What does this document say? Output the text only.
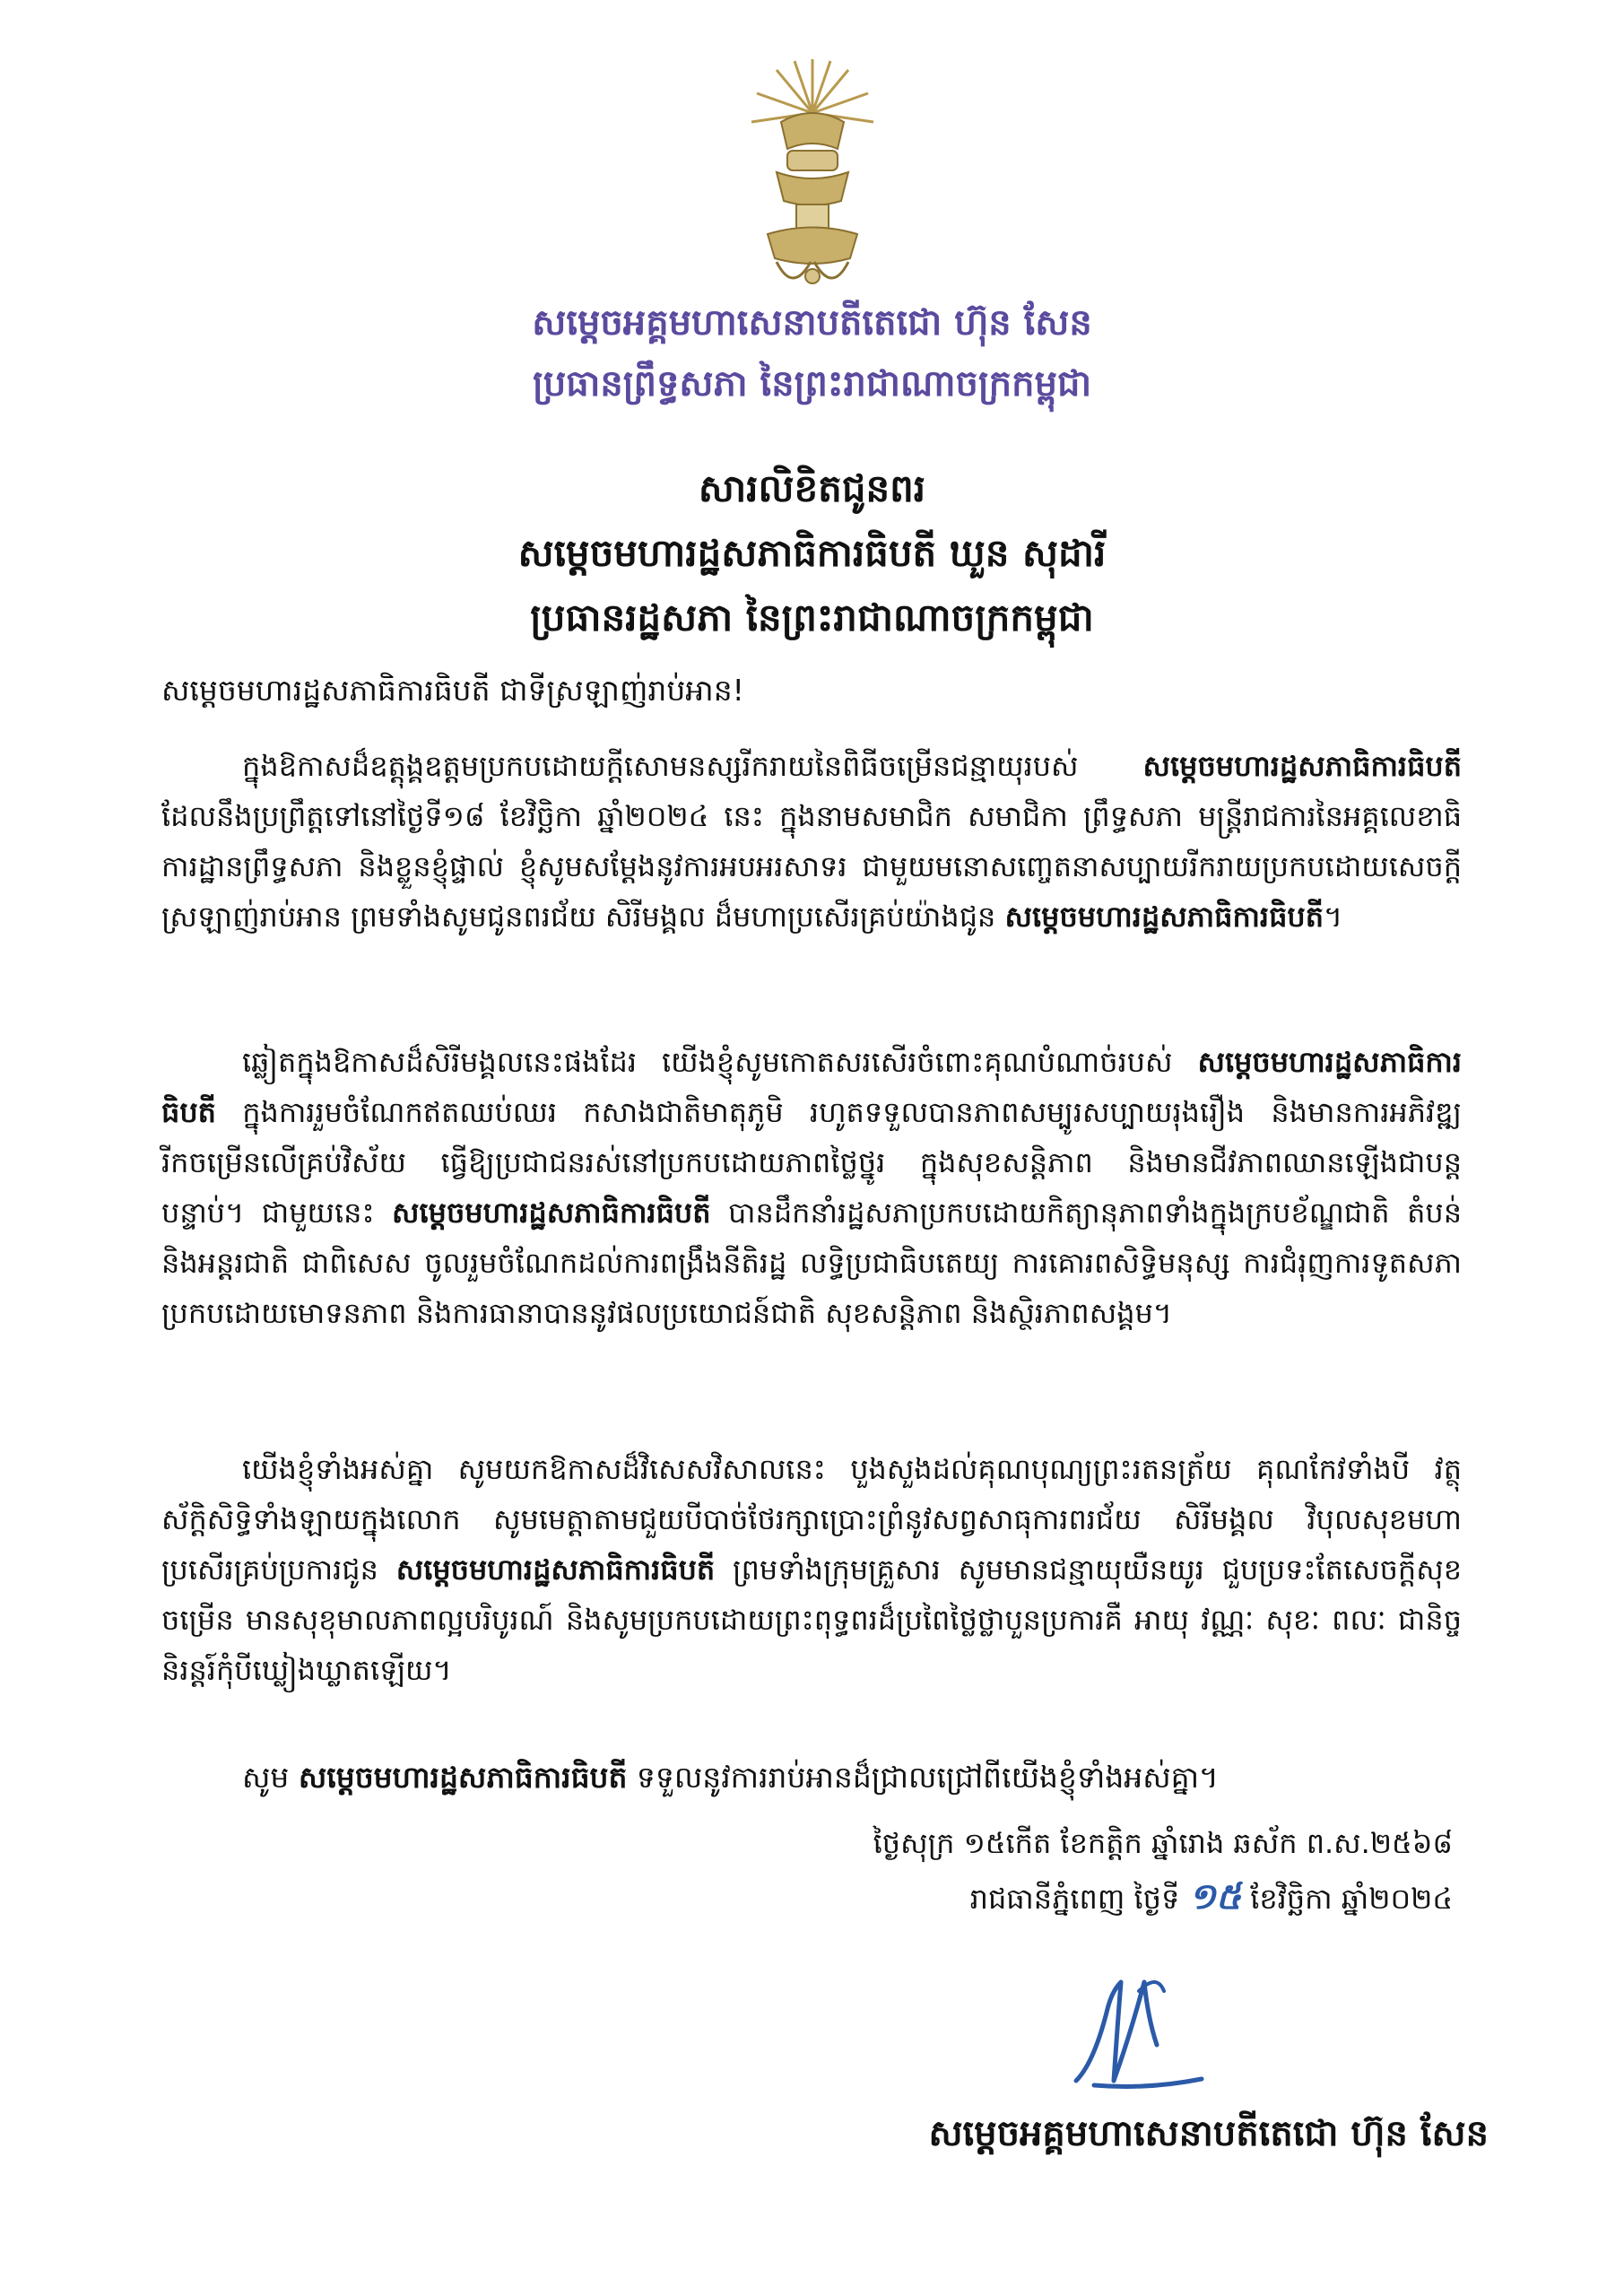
សម្ដេចអគ្គមហាសេនាបតីតេជោ ហ៊ុន សែន
ប្រធានព្រឹទ្ធសភា នៃព្រះរាជាណាចក្រកម្ពុជា
សារលិខិតជូនពរ
សម្ដេចមហារដ្ឋសភាធិការធិបតី ឃួន សុដារី
ប្រធានរដ្ឋសភា នៃព្រះរាជាណាចក្រកម្ពុជា
សម្ដេចមហារដ្ឋសភាធិការធិបតី ជាទីស្រឡាញ់រាប់អាន!

ក្នុងឱកាសដ៏ឧត្ដុង្គឧត្ដមប្រកបដោយក្ដីសោមនស្សរីករាយនៃពិធីចម្រើនជន្មាយុរបស់ សម្ដេចមហារដ្ឋសភាធិការធិបតី ដែលនឹងប្រព្រឹត្តទៅនៅថ្ងៃទី១៨ ខែវិច្ឆិកា ឆ្នាំ២០២៤ នេះ ក្នុងនាមសមាជិក សមាជិកា ព្រឹទ្ធសភា មន្ត្រីរាជការនៃអគ្គលេខាធិការដ្ឋានព្រឹទ្ធសភា និងខ្លួនខ្ញុំផ្ទាល់ ខ្ញុំសូមសម្ដែងនូវការអបអរសាទរ ជាមួយមនោសញ្ចេតនាសប្បាយរីករាយប្រកបដោយសេចក្ដីស្រឡាញ់រាប់អាន ព្រមទាំងសូមជូនពរជ័យ សិរីមង្គល ដ៏មហាប្រសើរគ្រប់យ៉ាងជូន សម្ដេចមហារដ្ឋសភាធិការធិបតី។

ឆ្លៀតក្នុងឱកាសដ៏សិរីមង្គលនេះផងដែរ យើងខ្ញុំសូមកោតសរសើរចំពោះគុណបំណាច់របស់ សម្ដេចមហារដ្ឋសភាធិការធិបតី ក្នុងការរួមចំណែកឥតឈប់ឈរ កសាងជាតិមាតុភូមិ រហូតទទួលបានភាពសម្បូរសប្បាយរុងរឿង និងមានការអភិវឌ្ឍរីកចម្រើនលើគ្រប់វិស័យ ធ្វើឱ្យប្រជាជនរស់នៅប្រកបដោយភាពថ្លៃថ្នូរ ក្នុងសុខសន្តិភាព និងមានជីវភាពឈានឡើងជាបន្តបន្ទាប់។ ជាមួយនេះ សម្ដេចមហារដ្ឋសភាធិការធិបតី បានដឹកនាំរដ្ឋសភាប្រកបដោយកិត្យានុភាពទាំងក្នុងក្របខ័ណ្ឌជាតិ តំបន់ និងអន្តរជាតិ ជាពិសេស ចូលរួមចំណែកដល់ការពង្រឹងនីតិរដ្ឋ លទ្ធិប្រជាធិបតេយ្យ ការគោរពសិទ្ធិមនុស្ស ការជំរុញការទូតសភាប្រកបដោយមោទនភាព និងការធានាបាននូវផលប្រយោជន៍ជាតិ សុខសន្តិភាព និងស្ថិរភាពសង្គម។

យើងខ្ញុំទាំងអស់គ្នា សូមយកឱកាសដ៏វិសេសវិសាលនេះ បួងសួងដល់គុណបុណ្យព្រះរតនត្រ័យ គុណកែវទាំងបី វត្ថុស័ក្តិសិទ្ធិទាំងឡាយក្នុងលោក សូមមេត្តាតាមជួយបីបាច់ថែរក្សាប្រោះព្រំនូវសព្វសាធុការពរជ័យ សិរីមង្គល វិបុលសុខមហាប្រសើរគ្រប់ប្រការជូន សម្ដេចមហារដ្ឋសភាធិការធិបតី ព្រមទាំងក្រុមគ្រួសារ សូមមានជន្មាយុយឺនយូរ ជួបប្រទះតែសេចក្ដីសុខចម្រើន មានសុខុមាលភាពល្អបរិបូរណ៍ និងសូមប្រកបដោយព្រះពុទ្ធពរដ៏ប្រពៃថ្លៃថ្លាបួនប្រការគឺ អាយុ វណ្ណៈ សុខៈ ពលៈ ជានិច្ចនិរន្តរ៍កុំបីឃ្លៀងឃ្លាតឡើយ។

សូម សម្ដេចមហារដ្ឋសភាធិការធិបតី ទទួលនូវការរាប់អានដ៏ជ្រាលជ្រៅពីយើងខ្ញុំទាំងអស់គ្នា។
ថ្ងៃសុក្រ ១៥កើត ខែកត្ដិក ឆ្នាំរោង ឆស័ក ព.ស.២៥៦៨
រាជធានីភ្នំពេញ ថ្ងៃទី ១៥ ខែវិច្ឆិកា ឆ្នាំ២០២៤
សម្ដេចអគ្គមហាសេនាបតីតេជោ ហ៊ុន សែន
